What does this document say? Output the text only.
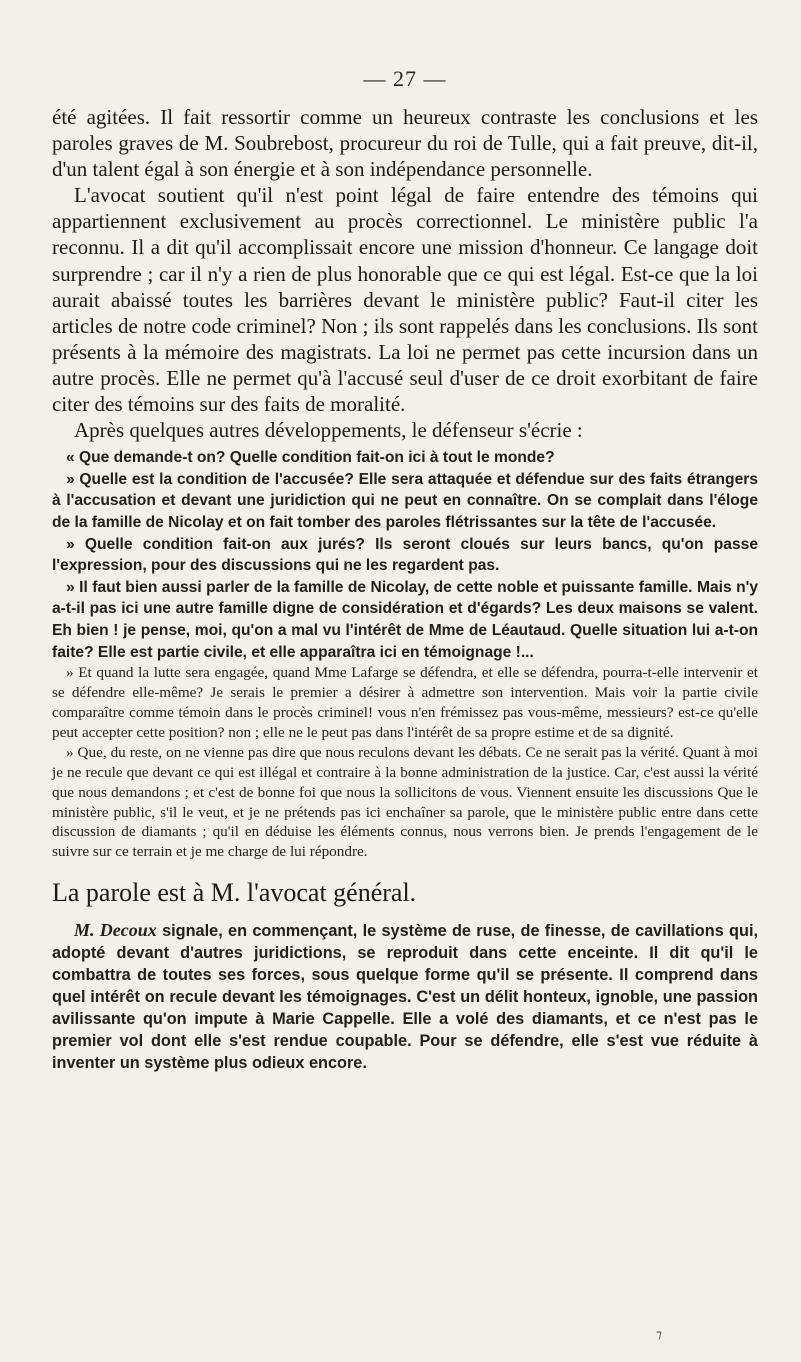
— 27 —

été agitées. Il fait ressortir comme un heureux contraste les conclusions et les paroles graves de M. Soubrebost, procureur du roi de Tulle, qui a fait preuve, dit-il, d'un talent égal à son énergie et à son indépendance personnelle.

L'avocat soutient qu'il n'est point légal de faire entendre des témoins qui appartiennent exclusivement au procès correctionnel. Le ministère public l'a reconnu. Il a dit qu'il accomplissait encore une mission d'honneur. Ce langage doit surprendre ; car il n'y a rien de plus honorable que ce qui est légal. Est-ce que la loi aurait abaissé toutes les barrières devant le ministère public? Faut-il citer les articles de notre code criminel? Non ; ils sont rappelés dans les conclusions. Ils sont présents à la mémoire des magistrats. La loi ne permet pas cette incursion dans un autre procès. Elle ne permet qu'à l'accusé seul d'user de ce droit exorbitant de faire citer des témoins sur des faits de moralité.

Après quelques autres développements, le défenseur s'écrie :

« Que demande-t on? Quelle condition fait-on ici à tout le monde?

» Quelle est la condition de l'accusée? Elle sera attaquée et défendue sur des faits étrangers à l'accusation et devant une juridiction qui ne peut en connaître. On se complait dans l'éloge de la famille de Nicolay et on fait tomber des paroles flétrissantes sur la tête de l'accusée.

» Quelle condition fait-on aux jurés? Ils seront cloués sur leurs bancs, qu'on passe l'expression, pour des discussions qui ne les regardent pas.

» Il faut bien aussi parler de la famille de Nicolay, de cette noble et puissante famille. Mais n'y a-t-il pas ici une autre famille digne de considération et d'égards? Les deux maisons se valent. Eh bien ! je pense, moi, qu'on a mal vu l'intérêt de Mme de Léautaud. Quelle situation lui a-t-on faite? Elle est partie civile, et elle apparaîtra ici en témoignage !...

» Et quand la lutte sera engagée, quand Mme Lafarge se défendra, et elle se défendra, pourra-t-elle intervenir et se défendre elle-même? Je serais le premier a désirer à admettre son intervention. Mais voir la partie civile comparaître comme témoin dans le procès criminel! vous n'en frémissez pas vous-même, messieurs? est-ce qu'elle peut accepter cette position? non ; elle ne le peut pas dans l'intérêt de sa propre estime et de sa dignité.

» Que, du reste, on ne vienne pas dire que nous reculons devant les débats. Ce ne serait pas la vérité. Quant à moi je ne recule que devant ce qui est illégal et contraire à la bonne administration de la justice. Car, c'est aussi la vérité que nous demandons ; et c'est de bonne foi que nous la sollicitons de vous. Viennent ensuite les discussions Que le ministère public, s'il le veut, et je ne prétends pas ici enchaîner sa parole, que le ministère public entre dans cette discussion de diamants ; qu'il en déduise les éléments connus, nous verrons bien. Je prends l'engagement de le suivre sur ce terrain et je me charge de lui répondre.

La parole est à M. l'avocat général.

M. Decoux signale, en commençant, le système de ruse, de finesse, de cavillations qui, adopté devant d'autres juridictions, se reproduit dans cette enceinte. Il dit qu'il le combattra de toutes ses forces, sous quelque forme qu'il se présente. Il comprend dans quel intérêt on recule devant les témoignages. C'est un délit honteux, ignoble, une passion avilissante qu'on impute à Marie Cappelle. Elle a volé des diamants, et ce n'est pas le premier vol dont elle s'est rendue coupable. Pour se défendre, elle s'est vue réduite à inventer un système plus odieux encore.

⁊
